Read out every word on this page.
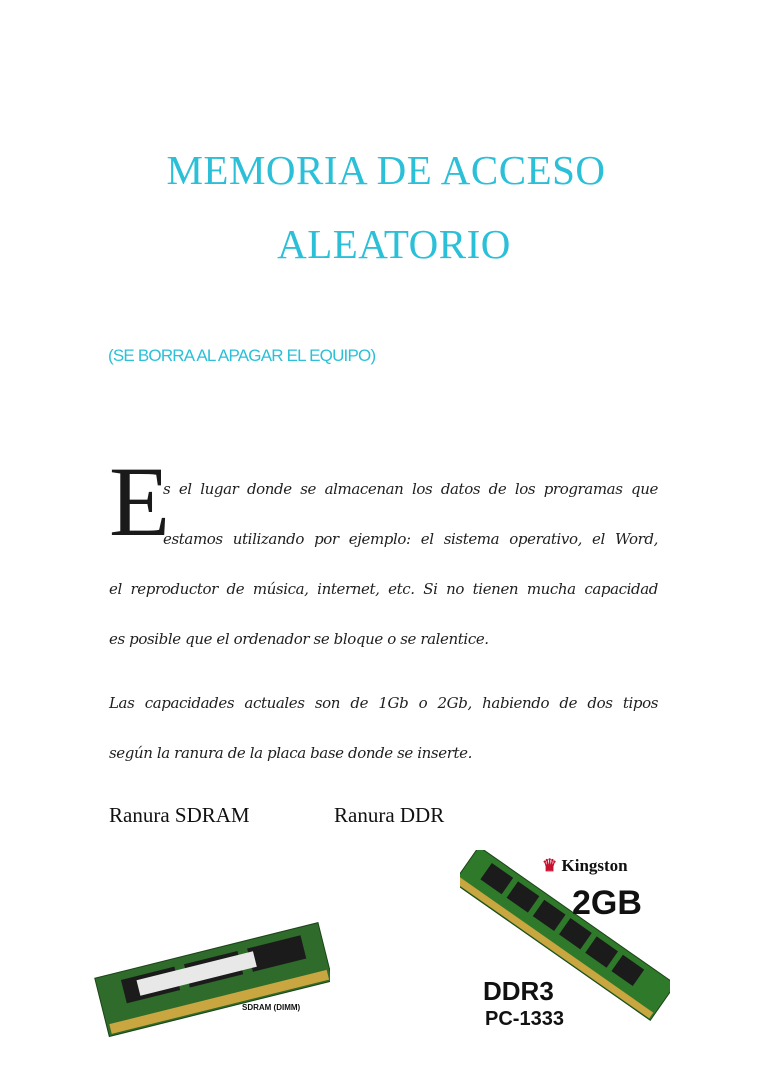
MEMORIA DE ACCESO
ALEATORIO
(SE BORRA AL APAGAR EL EQUIPO)
E
s el lugar donde se almacenan los datos de los programas que
estamos utilizando por ejemplo: el sistema operativo, el Word,
el reproductor de música, internet, etc. Si no tienen mucha capacidad
es posible que el ordenador se bloque o se ralentice.
Las capacidades actuales son de 1Gb o 2Gb, habiendo de dos tipos
según la ranura de la placa base donde se inserte.
Ranura SDRAM	Ranura DDR
SDRAM (DIMM)
♛ Kingston
2GB
DDR3
PC-1333
